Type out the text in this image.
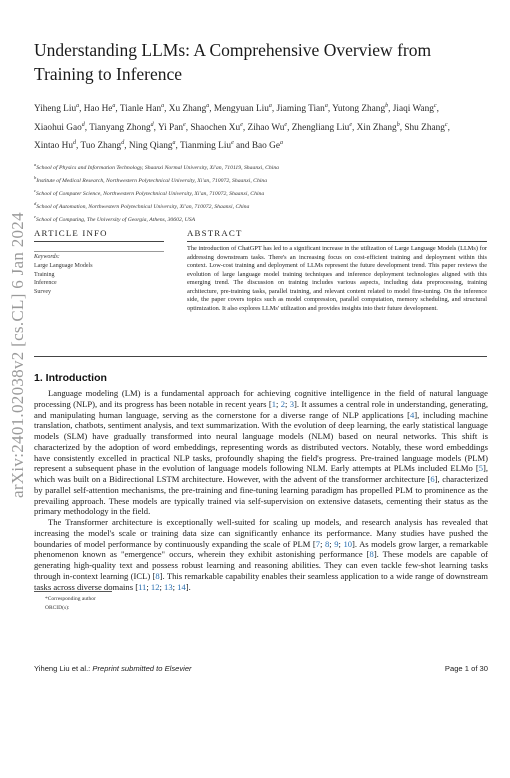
Understanding LLMs: A Comprehensive Overview from Training to Inference
Yiheng Liu$^a$, Hao He$^a$, Tianle Han$^a$, Xu Zhang$^a$, Mengyuan Liu$^a$, Jiaming Tian$^a$, Yutong Zhang$^b$, Jiaqi Wang$^c$, Xiaohui Gao$^d$, Tianyang Zhong$^d$, Yi Pan$^e$, Shaochen Xu$^e$, Zihao Wu$^e$, Zhengliang Liu$^e$, Xin Zhang$^b$, Shu Zhang$^c$, Xintao Hu$^d$, Tuo Zhang$^d$, Ning Qiang$^a$, Tianming Liu$^e$ and Bao Ge$^a$
$^a$School of Physics and Information Technology, Shaanxi Normal University, Xi'an, 710119, Shaanxi, China
$^b$Institute of Medical Research, Northwestern Polytechnical University, Xi'an, 710072, Shaanxi, China
$^c$School of Computer Science, Northwestern Polytechnical University, Xi'an, 710072, Shaanxi, China
$^d$School of Automation, Northwestern Polytechnical University, Xi'an, 710072, Shaanxi, China
$^e$School of Computing, The University of Georgia, Athens, 30602, USA
arXiv:2401.02038v2 [cs.CL] 6 Jan 2024 ARTICLE INFO	ABSTRACT
Keywords:
Large Language Models
Training
Inference
Survey
The introduction of ChatGPT has led to a significant increase in the utilization of Large Language Models (LLMs) for addressing downstream tasks. There's an increasing focus on cost-efficient training and deployment within this context. Low-cost training and deployment of LLMs represent the future development trend. This paper reviews the evolution of large language model training techniques and inference deployment technologies aligned with this emerging trend. The discussion on training includes various aspects, including data preprocessing, training architecture, pre-training tasks, parallel training, and relevant content related to model fine-tuning. On the inference side, the paper covers topics such as model compression, parallel computation, memory scheduling, and structural optimization. It also explores LLMs' utilization and provides insights into their future development.
1. Introduction

Language modeling (LM) is a fundamental approach for achieving cognitive intelligence in the field of natural language processing (NLP), and its progress has been notable in recent years [1; 2; 3]. It assumes a central role in understanding, generating, and manipulating human language, serving as the cornerstone for a diverse range of NLP applications [4], including machine translation, chatbots, sentiment analysis, and text summarization. With the evolution of deep learning, the early statistical language models (SLM) have gradually transformed into neural language models (NLM) based on neural networks. This shift is characterized by the adoption of word embeddings, representing words as distributed vectors. Notably, these word embeddings have consistently excelled in practical NLP tasks, profoundly shaping the field's progress. Pre-trained language models (PLM) represent a subsequent phase in the evolution of language models following NLM. Early attempts at PLMs included ELMo [5], which was built on a Bidirectional LSTM architecture. However, with the advent of the transformer architecture [6], characterized by parallel self-attention mechanisms, the pre-training and fine-tuning learning paradigm has propelled PLM to prominence as the prevailing approach. These models are typically trained via self-supervision on extensive datasets, cementing their status as the primary methodology in the field.

The Transformer architecture is exceptionally well-suited for scaling up models, and research analysis has revealed that increasing the model's scale or training data size can significantly enhance its performance. Many studies have pushed the boundaries of model performance by continuously expanding the scale of PLM [7; 8; 9; 10]. As models grow larger, a remarkable phenomenon known as "emergence" occurs, wherein they exhibit astonishing performance [8]. These models are capable of generating high-quality text and possess robust learning and reasoning abilities. They can even tackle few-shot learning tasks through in-context learning (ICL) [8]. This remarkable capability enables their seamless application to a wide range of downstream tasks across diverse domains [11; 12; 13; 14].

*Corresponding author
ORCID(s):
Yiheng Liu et al.: Preprint submitted to Elsevier	Page 1 of 30
